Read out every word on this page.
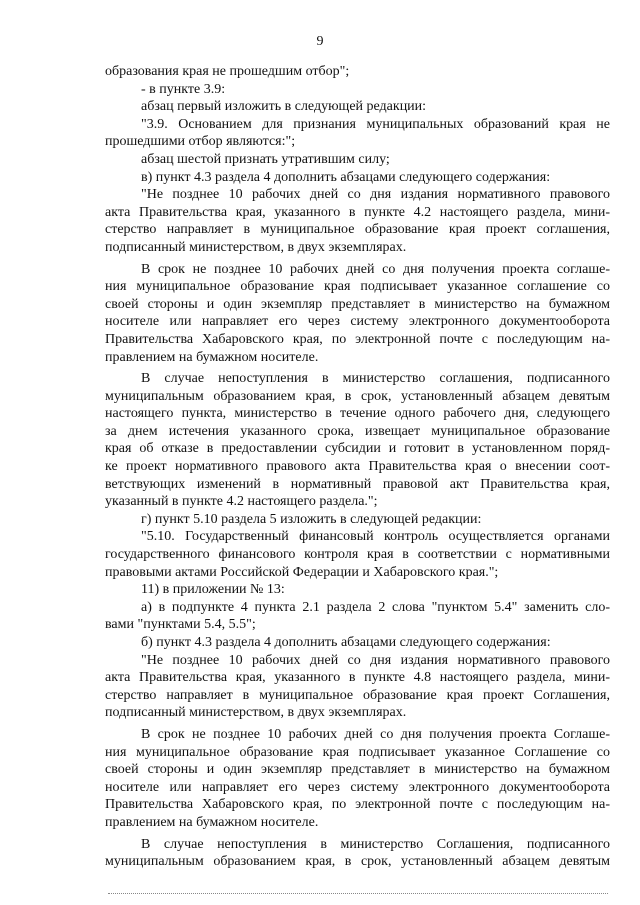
9
образования края не прошедшим отбор";
- в пункте 3.9:
абзац первый изложить в следующей редакции:
"3.9. Основанием для признания муниципальных образований края не
прошедшими отбор являются:";
абзац шестой признать утратившим силу;
в) пункт 4.3 раздела 4 дополнить абзацами следующего содержания:
"Не позднее 10 рабочих дней со дня издания нормативного правового
акта Правительства края, указанного в пункте 4.2 настоящего раздела, мини-
стерство направляет в муниципальное образование края проект соглашения,
подписанный министерством, в двух экземплярах.
В срок не позднее 10 рабочих дней со дня получения проекта соглаше-
ния муниципальное образование края подписывает указанное соглашение со
своей стороны и один экземпляр представляет в министерство на бумажном
носителе или направляет его через систему электронного документооборота
Правительства Хабаровского края, по электронной почте с последующим на-
правлением на бумажном носителе.
В случае непоступления в министерство соглашения, подписанного
муниципальным образованием края, в срок, установленный абзацем девятым
настоящего пункта, министерство в течение одного рабочего дня, следующего
за днем истечения указанного срока, извещает муниципальное образование
края об отказе в предоставлении субсидии и готовит в установленном поряд-
ке проект нормативного правового акта Правительства края о внесении соот-
ветствующих изменений в нормативный правовой акт Правительства края,
указанный в пункте 4.2 настоящего раздела.";
г) пункт 5.10 раздела 5 изложить в следующей редакции:
"5.10. Государственный финансовый контроль осуществляется органами
государственного финансового контроля края в соответствии с нормативными
правовыми актами Российской Федерации и Хабаровского края.";
11) в приложении № 13:
а) в подпункте 4 пункта 2.1 раздела 2 слова "пунктом 5.4" заменить сло-
вами "пунктами 5.4, 5.5";
б) пункт 4.3 раздела 4 дополнить абзацами следующего содержания:
"Не позднее 10 рабочих дней со дня издания нормативного правового
акта Правительства края, указанного в пункте 4.8 настоящего раздела, мини-
стерство направляет в муниципальное образование края проект Соглашения,
подписанный министерством, в двух экземплярах.
В срок не позднее 10 рабочих дней со дня получения проекта Соглаше-
ния муниципальное образование края подписывает указанное Соглашение со
своей стороны и один экземпляр представляет в министерство на бумажном
носителе или направляет его через систему электронного документооборота
Правительства Хабаровского края, по электронной почте с последующим на-
правлением на бумажном носителе.
В случае непоступления в министерство Соглашения, подписанного
муниципальным образованием края, в срок, установленный абзацем девятым
